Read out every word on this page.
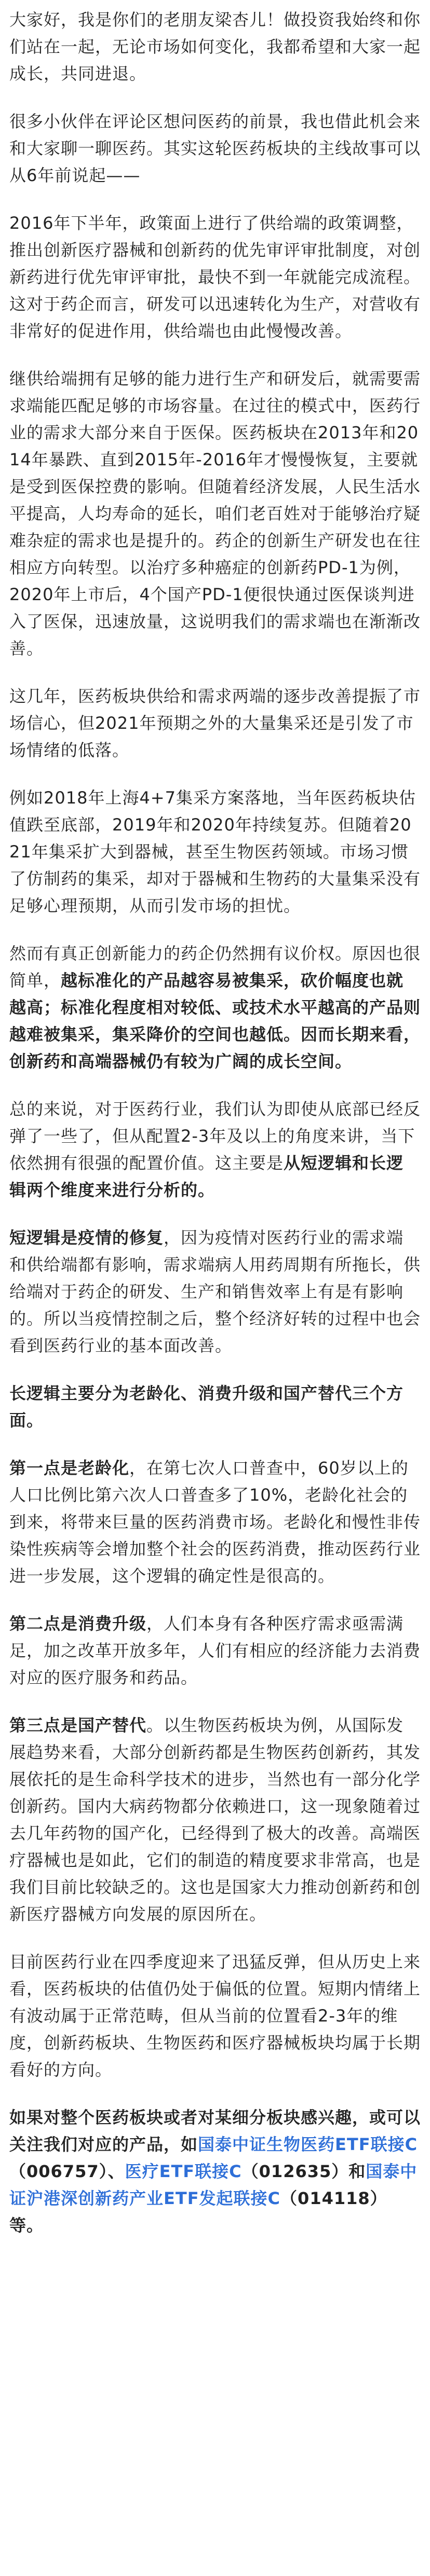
大家好，我是你们的老朋友梁杏儿！做投资我始终和你们站在一起，无论市场如何变化，我都希望和大家一起成长，共同进退。

很多小伙伴在评论区想问医药的前景，我也借此机会来和大家聊一聊医药。其实这轮医药板块的主线故事可以从6年前说起——

2016年下半年，政策面上进行了供给端的政策调整，推出创新医疗器械和创新药的优先审评审批制度，对创新药进行优先审评审批，最快不到一年就能完成流程。这对于药企而言，研发可以迅速转化为生产，对营收有非常好的促进作用，供给端也由此慢慢改善。

继供给端拥有足够的能力进行生产和研发后，就需要需求端能匹配足够的市场容量。在过往的模式中，医药行业的需求大部分来自于医保。医药板块在2013年和2014年暴跌、直到2015年-2016年才慢慢恢复，主要就是受到医保控费的影响。但随着经济发展，人民生活水平提高，人均寿命的延长，咱们老百姓对于能够治疗疑难杂症的需求也是提升的。药企的创新生产研发也在往相应方向转型。以治疗多种癌症的创新药PD-1为例，2020年上市后，4个国产PD-1便很快通过医保谈判进入了医保，迅速放量，这说明我们的需求端也在渐渐改善。

这几年，医药板块供给和需求两端的逐步改善提振了市场信心，但2021年预期之外的大量集采还是引发了市场情绪的低落。

例如2018年上海4+7集采方案落地，当年医药板块估值跌至底部，2019年和2020年持续复苏。但随着2021年集采扩大到器械，甚至生物医药领域。市场习惯了仿制药的集采，却对于器械和生物药的大量集采没有足够心理预期，从而引发市场的担忧。

然而有真正创新能力的药企仍然拥有议价权。原因也很简单，越标准化的产品越容易被集采，砍价幅度也就越高；标准化程度相对较低、或技术水平越高的产品则越难被集采，集采降价的空间也越低。因而长期来看，创新药和高端器械仍有较为广阔的成长空间。

总的来说，对于医药行业，我们认为即使从底部已经反弹了一些了，但从配置2-3年及以上的角度来讲，当下依然拥有很强的配置价值。这主要是从短逻辑和长逻辑两个维度来进行分析的。

短逻辑是疫情的修复，因为疫情对医药行业的需求端和供给端都有影响，需求端病人用药周期有所拖长，供给端对于药企的研发、生产和销售效率上有是有影响的。所以当疫情控制之后，整个经济好转的过程中也会看到医药行业的基本面改善。

长逻辑主要分为老龄化、消费升级和国产替代三个方面。

第一点是老龄化，在第七次人口普查中，60岁以上的人口比例比第六次人口普查多了10%，老龄化社会的到来，将带来巨量的医药消费市场。老龄化和慢性非传染性疾病等会增加整个社会的医药消费，推动医药行业进一步发展，这个逻辑的确定性是很高的。

第二点是消费升级，人们本身有各种医疗需求亟需满足，加之改革开放多年，人们有相应的经济能力去消费对应的医疗服务和药品。

第三点是国产替代。以生物医药板块为例，从国际发展趋势来看，大部分创新药都是生物医药创新药，其发展依托的是生命科学技术的进步，当然也有一部分化学创新药。国内大病药物都分依赖进口，这一现象随着过去几年药物的国产化，已经得到了极大的改善。高端医疗器械也是如此，它们的制造的精度要求非常高，也是我们目前比较缺乏的。这也是国家大力推动创新药和创新医疗器械方向发展的原因所在。

目前医药行业在四季度迎来了迅猛反弹，但从历史上来看，医药板块的估值仍处于偏低的位置。短期内情绪上有波动属于正常范畴，但从当前的位置看2-3年的维度，创新药板块、生物医药和医疗器械板块均属于长期看好的方向。

如果对整个医药板块或者对某细分板块感兴趣，或可以关注我们对应的产品，如国泰中证生物医药ETF联接C（006757）、医疗ETF联接C（012635）和国泰中证沪港深创新药产业ETF发起联接C（014118）等。
